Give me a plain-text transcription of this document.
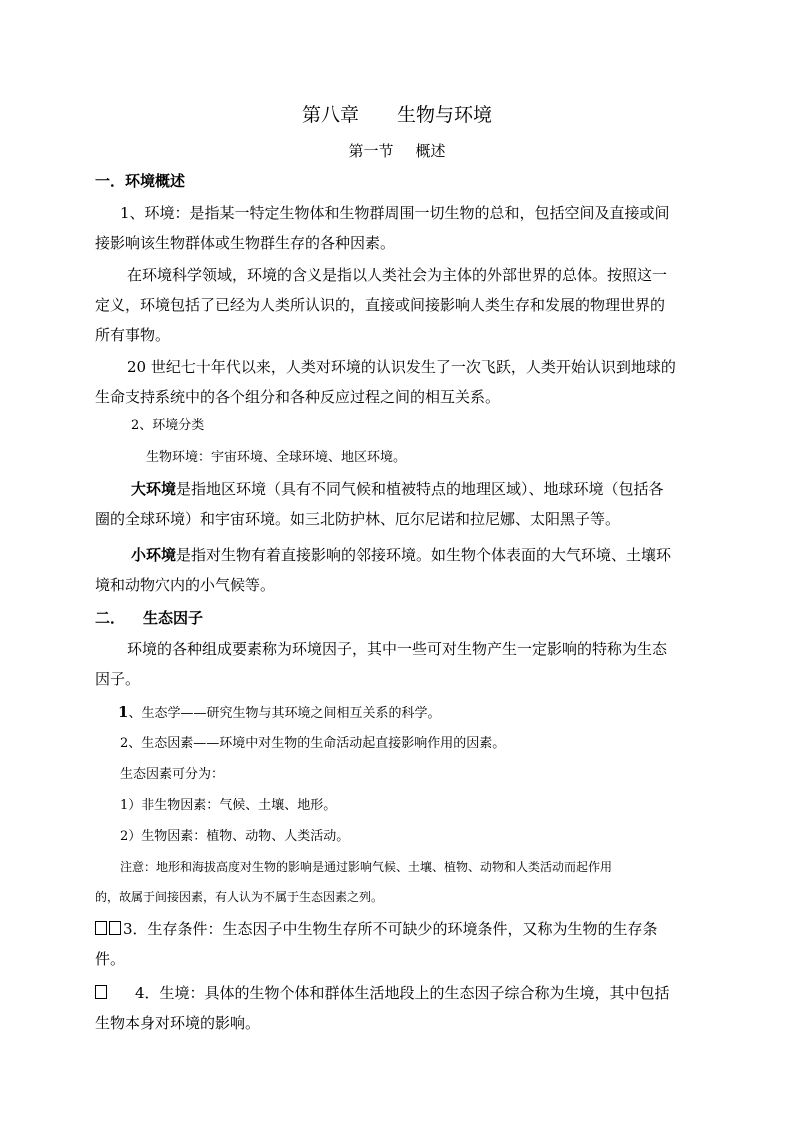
第八章 生物与环境
第一节 概述
一．环境概述
1、环境：是指某一特定生物体和生物群周围一切生物的总和，包括空间及直接或间
接影响该生物群体或生物群生存的各种因素。
在环境科学领域，环境的含义是指以人类社会为主体的外部世界的总体。按照这一
定义，环境包括了已经为人类所认识的，直接或间接影响人类生存和发展的物理世界的
所有事物。
20 世纪七十年代以来，人类对环境的认识发生了一次飞跃，人类开始认识到地球的
生命支持系统中的各个组分和各种反应过程之间的相互关系。
2、环境分类
生物环境：宇宙环境、全球环境、地区环境。
大环境是指地区环境（具有不同气候和植被特点的地理区域）、地球环境（包括各
圈的全球环境）和宇宙环境。如三北防护林、厄尔尼诺和拉尼娜、太阳黑子等。
小环境是指对生物有着直接影响的邻接环境。如生物个体表面的大气环境、土壤环
境和动物穴内的小气候等。
二． 生态因子
环境的各种组成要素称为环境因子，其中一些可对生物产生一定影响的特称为生态
因子。
1、生态学——研究生物与其环境之间相互关系的科学。
2、生态因素——环境中对生物的生命活动起直接影响作用的因素。
生态因素可分为：
1）非生物因素：气候、土壤、地形。
2）生物因素：植物、动物、人类活动。
注意：地形和海拔高度对生物的影响是通过影响气候、土壤、植物、动物和人类活动而起作用
的，故属于间接因素，有人认为不属于生态因素之列。
3．生存条件：生态因子中生物生存所不可缺少的环境条件，又称为生物的生存条
件。
4．生境：具体的生物个体和群体生活地段上的生态因子综合称为生境，其中包括
生物本身对环境的影响。
